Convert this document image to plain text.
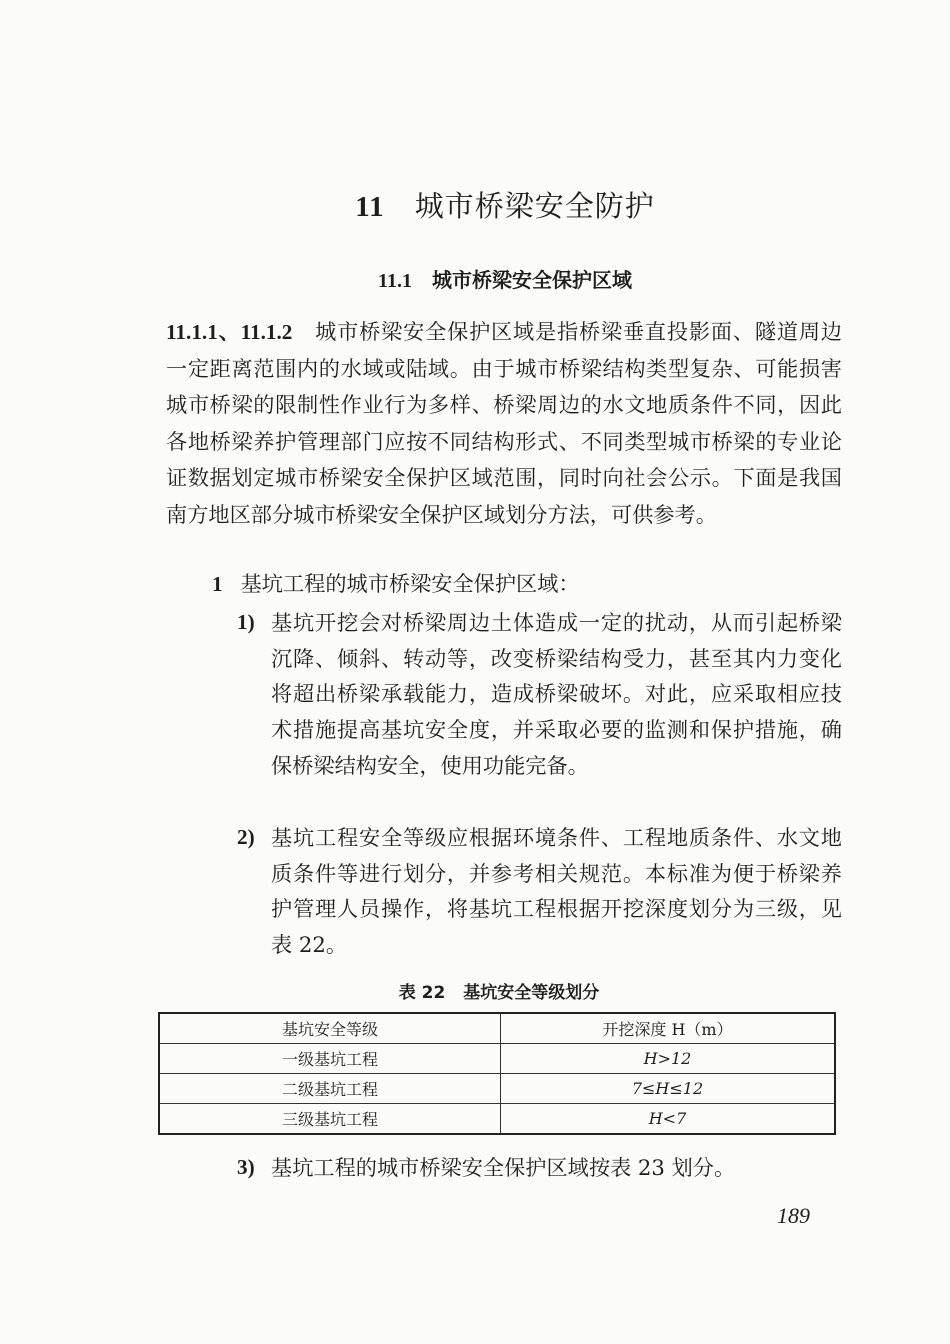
11 城市桥梁安全防护
11.1 城市桥梁安全保护区域

11.1.1、11.1.2 城市桥梁安全保护区域是指桥梁垂直投影面、隧道周边一定距离范围内的水域或陆域。由于城市桥梁结构类型复杂、可能损害城市桥梁的限制性作业行为多样、桥梁周边的水文地质条件不同，因此各地桥梁养护管理部门应按不同结构形式、不同类型城市桥梁的专业论证数据划定城市桥梁安全保护区域范围，同时向社会公示。下面是我国南方地区部分城市桥梁安全保护区域划分方法，可供参考。

1 基坑工程的城市桥梁安全保护区域：

1) 基坑开挖会对桥梁周边土体造成一定的扰动，从而引起桥梁沉降、倾斜、转动等，改变桥梁结构受力，甚至其内力变化将超出桥梁承载能力，造成桥梁破坏。对此，应采取相应技术措施提高基坑安全度，并采取必要的监测和保护措施，确保桥梁结构安全，使用功能完备。
2) 基坑工程安全等级应根据环境条件、工程地质条件、水文地质条件等进行划分，并参考相关规范。本标准为便于桥梁养护管理人员操作，将基坑工程根据开挖深度划分为三级，见表 22。
表 22 基坑安全等级划分
基坑安全等级	开挖深度 H（m）
一级基坑工程	H>12
二级基坑工程	7≤H≤12
三级基坑工程	H<7
3) 基坑工程的城市桥梁安全保护区域按表 23 划分。
189
